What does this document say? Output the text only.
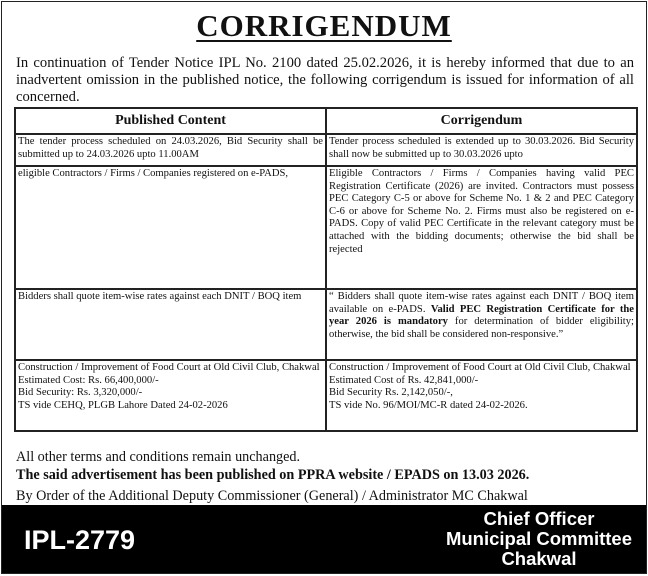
CORRIGENDUM
In continuation of Tender Notice IPL No. 2100 dated 25.02.2026, it is hereby informed that due to an inadvertent omission in the published notice, the following corrigendum is issued for information of all concerned.
Published Content	Corrigendum
The tender process scheduled on 24.03.2026, Bid Security shall be submitted up to 24.03.2026 upto 11.00AM	Tender process scheduled is extended up to 30.03.2026. Bid Security shall now be submitted up to 30.03.2026 upto
eligible Contractors / Firms / Companies registered on e-PADS,	Eligible Contractors / Firms / Companies having valid PEC Registration Certificate (2026) are invited. Contractors must possess PEC Category C-5 or above for Scheme No. 1 & 2 and PEC Category C-6 or above for Scheme No. 2. Firms must also be registered on e-PADS. Copy of valid PEC Certificate in the relevant category must be attached with the bidding documents; otherwise the bid shall be rejected
Bidders shall quote item-wise rates against each DNIT / BOQ item	“ Bidders shall quote item-wise rates against each DNIT / BOQ item available on e-PADS. Valid PEC Registration Certificate for the year 2026 is mandatory for determination of bidder eligibility; otherwise, the bid shall be considered non-responsive.”

Construction / Improvement of Food Court at Old Civil Club, Chakwal
Estimated Cost: Rs. 66,400,000/-
Bid Security: Rs. 3,320,000/-
TS vide CEHQ, PLGB Lahore Dated 24-02-2026	Construction / Improvement of Food Court at Old Civil Club, Chakwal
Estimated Cost of Rs. 42,841,000/-
Bid Security Rs. 2,142,050/-,
TS vide No. 96/MOI/MC-R dated 24-02-2026.
All other terms and conditions remain unchanged.
The said advertisement has been published on PPRA website / EPADS on 13.03 2026.
By Order of the Additional Deputy Commissioner (General) / Administrator MC Chakwal
IPL-2779
Chief Officer
Municipal Committee
Chakwal
